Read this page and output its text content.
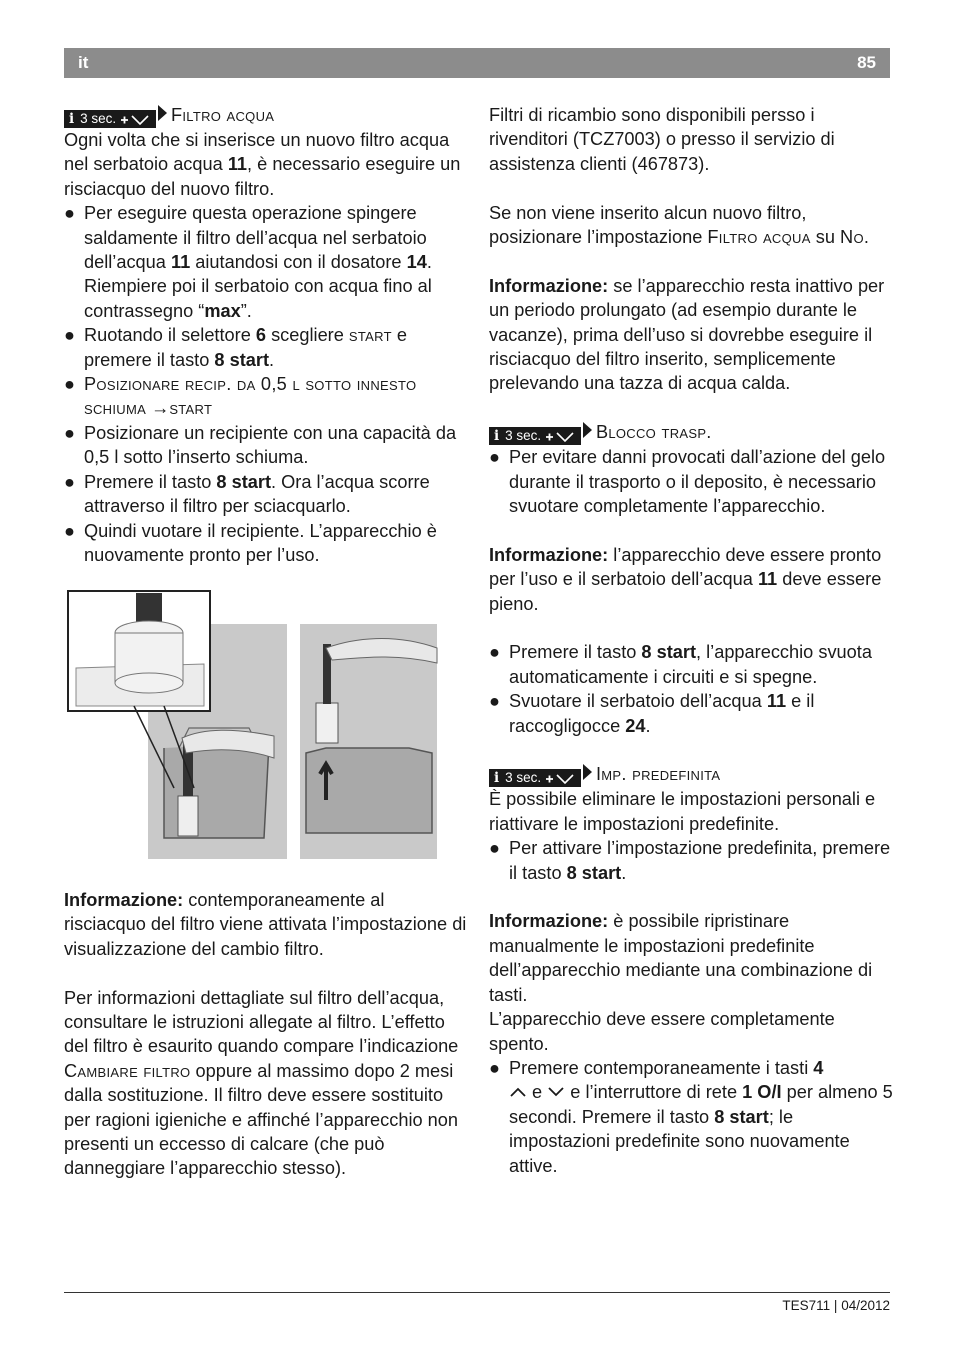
it	85

i 3 sec.	Filtro acqua

Ogni volta che si inserisce un nuovo filtro acqua nel serbatoio acqua 11, è necessario eseguire un risciacquo del nuovo filtro.

● Per eseguire questa operazione spingere saldamente il filtro dell’acqua nel serbatoio dell’acqua 11 aiutandosi con il dosatore 14. Riempiere poi il serbatoio con acqua fino al contrassegno “max”.
● Ruotando il selettore 6 scegliere start e premere il tasto 8 start.
● Posizionare recip. da 0,5 l sotto innesto schiuma →start
● Posizionare un recipiente con una capacità da 0,5 l sotto l’inserto schiuma.
● Premere il tasto 8 start. Ora l’acqua scorre attraverso il filtro per sciacquarlo.
● Quindi vuotare il recipiente. L’apparecchio è nuovamente pronto per l’uso.

Informazione: contemporaneamente al risciacquo del filtro viene attivata l’impostazione di visualizzazione del cambio filtro.

Per informazioni dettagliate sul filtro dell’acqua, consultare le istruzioni allegate al filtro. L’effetto del filtro è esaurito quando compare l’indicazione Cambiare filtro oppure al massimo dopo 2 mesi dalla sostituzione. Il filtro deve essere sostituito per ragioni igieniche e affinché l’apparecchio non presenti un eccesso di calcare (che può danneggiare l’apparecchio stesso).

Filtri di ricambio sono disponibili persso i rivenditori (TCZ7003) o presso il servizio di assistenza clienti (467873).

Se non viene inserito alcun nuovo filtro, posizionare l’impostazione Filtro acqua su No.

Informazione: se l’apparecchio resta inattivo per un periodo prolungato (ad esempio durante le vacanze), prima dell’uso si dovrebbe eseguire il risciacquo del filtro inserito, semplicemente prelevando una tazza di acqua calda.

i 3 sec.	Blocco trasp.

● Per evitare danni provocati dall’azione del gelo durante il trasporto o il deposito, è necessario svuotare completamente l’apparecchio.

Informazione: l’apparecchio deve essere pronto per l’uso e il serbatoio dell’acqua 11 deve essere pieno.

● Premere il tasto 8 start, l’apparecchio svuota automaticamente i circuiti e si spegne.
● Svuotare il serbatoio dell’acqua 11 e il raccogligocce 24.

i 3 sec.	Imp. predefinita

È possibile eliminare le impostazioni personali e riattivare le impostazioni predefinite.

● Per attivare l’impostazione predefinita, premere il tasto 8 start.

Informazione: è possibile ripristinare manualmente le impostazioni predefinite dell’apparecchio mediante una combinazione di tasti.

L’apparecchio deve essere completamente spento.

● Premere contemporaneamente i tasti 4
e  e l’interruttore di rete 1 O/I per almeno 5 secondi. Premere il tasto 8 start; le impostazioni predefinite sono nuovamente attive.
TES711 | 04/2012
